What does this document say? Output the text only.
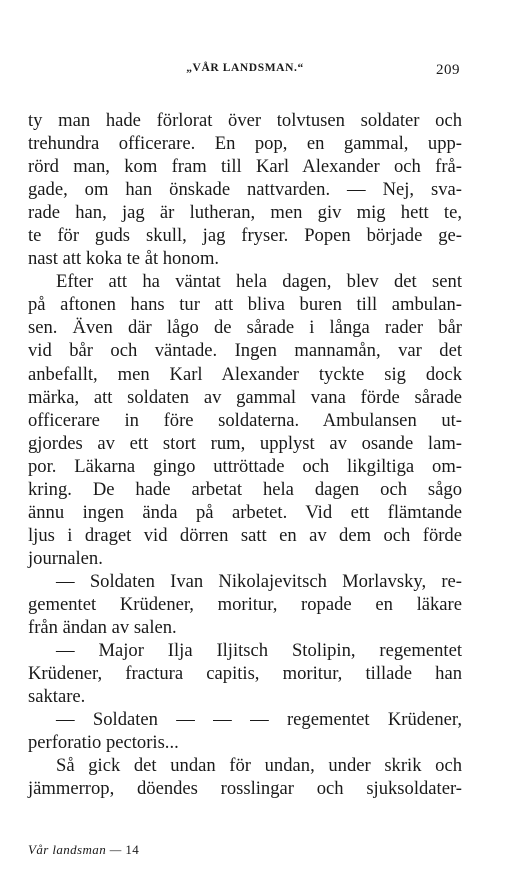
„VÅR LANDSMAN.“	209
ty man hade förlorat över tolvtusen soldater och
trehundra officerare. En pop, en gammal, upp-
rörd man, kom fram till Karl Alexander och frå-
gade, om han önskade nattvarden. — Nej, sva-
rade han, jag är lutheran, men giv mig hett te,
te för guds skull, jag fryser. Popen började ge-
nast att koka te åt honom.
Efter att ha väntat hela dagen, blev det sent
på aftonen hans tur att bliva buren till ambulan-
sen. Även där lågo de sårade i långa rader bår
vid bår och väntade. Ingen mannamån, var det
anbefallt, men Karl Alexander tyckte sig dock
märka, att soldaten av gammal vana förde sårade
officerare in före soldaterna. Ambulansen ut-
gjordes av ett stort rum, upplyst av osande lam-
por. Läkarna gingo uttröttade och likgiltiga om-
kring. De hade arbetat hela dagen och sågo
ännu ingen ända på arbetet. Vid ett flämtande
ljus i draget vid dörren satt en av dem och förde
journalen.
— Soldaten Ivan Nikolajevitsch Morlavsky, re-
gementet Krüdener, moritur, ropade en läkare
från ändan av salen.
— Major Ilja Iljitsch Stolipin, regementet
Krüdener, fractura capitis, moritur, tillade han
saktare.
— Soldaten — — — regementet Krüdener,
perforatio pectoris...
Så gick det undan för undan, under skrik och
jämmerrop, döendes rosslingar och sjuksoldater-
Vår landsman — 14
